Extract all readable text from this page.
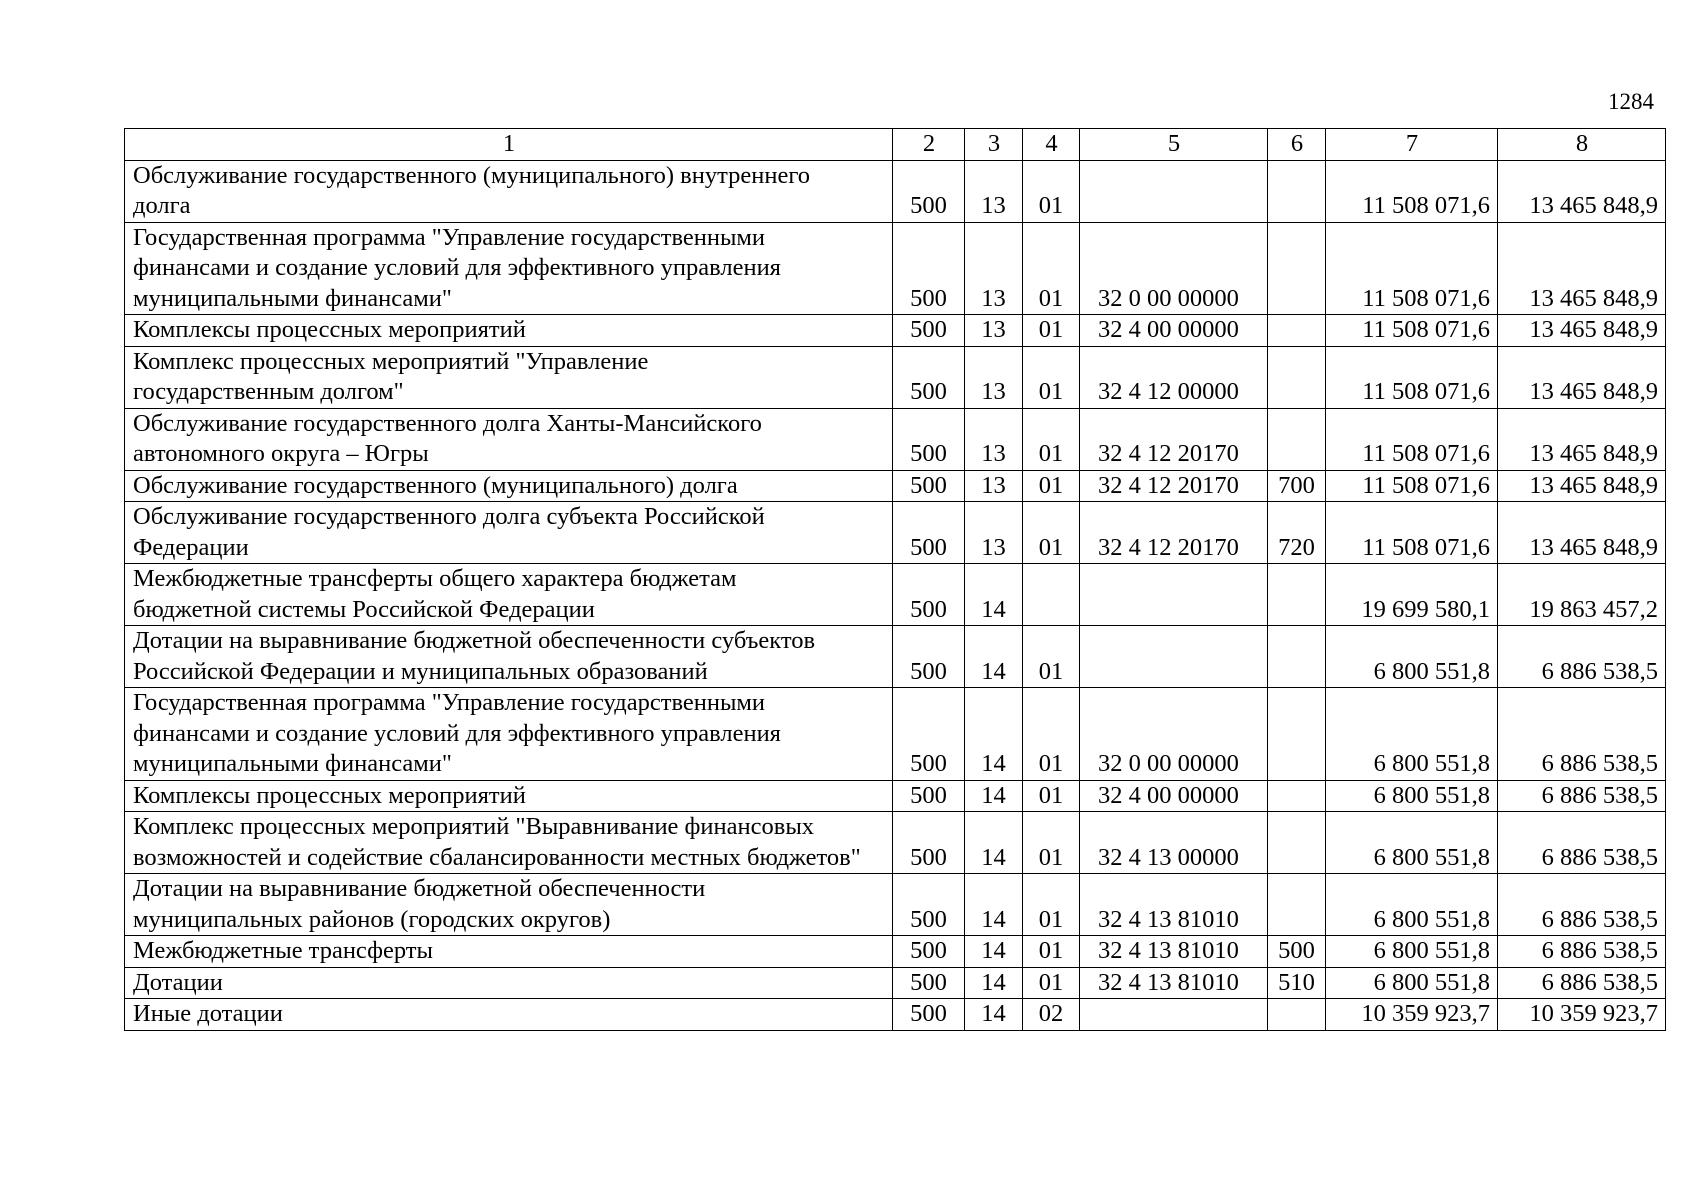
1284
1	2	3	4	5	6	7	8

Обслуживание государственного (муниципального) внутреннего долга	500	13	01			11 508 071,6	13 465 848,9

Государственная программа "Управление государственными финансами и создание условий для эффективного управления муниципальными финансами"	500	13	01	32 0 00 00000		11 508 071,6	13 465 848,9

Комплексы процессных мероприятий	500	13	01	32 4 00 00000		11 508 071,6	13 465 848,9

Комплекс процессных мероприятий "Управление государственным долгом"	500	13	01	32 4 12 00000		11 508 071,6	13 465 848,9

Обслуживание государственного долга Ханты-Мансийского автономного округа – Югры	500	13	01	32 4 12 20170		11 508 071,6	13 465 848,9

Обслуживание государственного (муниципального) долга	500	13	01	32 4 12 20170	700	11 508 071,6	13 465 848,9

Обслуживание государственного долга субъекта Российской Федерации	500	13	01	32 4 12 20170	720	11 508 071,6	13 465 848,9

Межбюджетные трансферты общего характера бюджетам бюджетной системы Российской Федерации	500	14				19 699 580,1	19 863 457,2

Дотации на выравнивание бюджетной обеспеченности субъектов Российской Федерации и муниципальных образований	500	14	01			6 800 551,8	6 886 538,5

Государственная программа "Управление государственными финансами и создание условий для эффективного управления муниципальными финансами"	500	14	01	32 0 00 00000		6 800 551,8	6 886 538,5

Комплексы процессных мероприятий	500	14	01	32 4 00 00000		6 800 551,8	6 886 538,5

Комплекс процессных мероприятий "Выравнивание финансовых возможностей и содействие сбалансированности местных бюджетов"	500	14	01	32 4 13 00000		6 800 551,8	6 886 538,5

Дотации на выравнивание бюджетной обеспеченности муниципальных районов (городских округов)	500	14	01	32 4 13 81010		6 800 551,8	6 886 538,5

Межбюджетные трансферты	500	14	01	32 4 13 81010	500	6 800 551,8	6 886 538,5

Дотации	500	14	01	32 4 13 81010	510	6 800 551,8	6 886 538,5

Иные дотации	500	14	02			10 359 923,7	10 359 923,7
